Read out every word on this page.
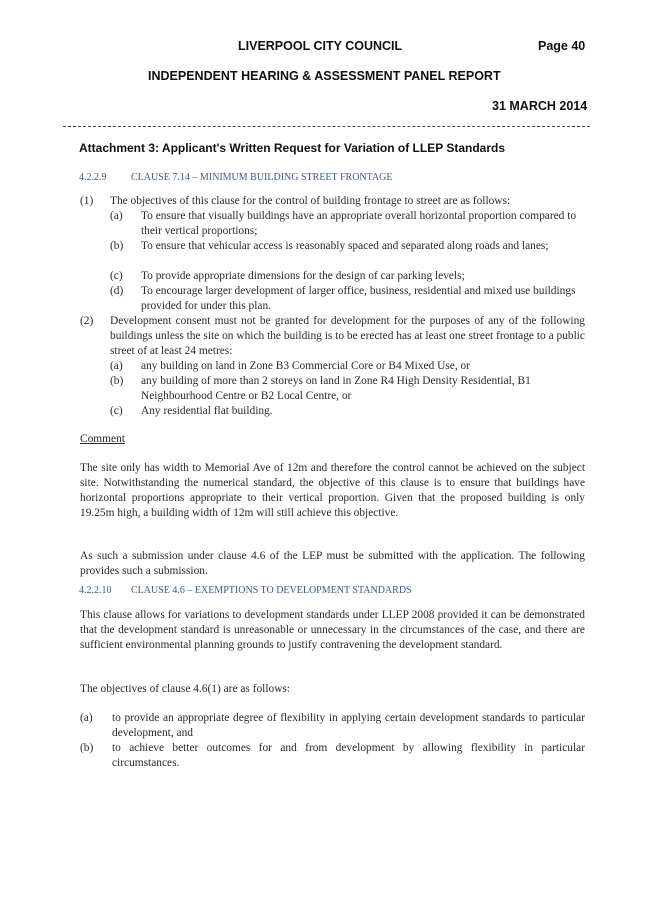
LIVERPOOL CITY COUNCIL	Page 40
INDEPENDENT HEARING & ASSESSMENT PANEL REPORT
31 MARCH 2014
Attachment 3: Applicant's Written Request for Variation of LLEP Standards
4.2.2.9 CLAUSE 7.14 – MINIMUM BUILDING STREET FRONTAGE
(1) The objectives of this clause for the control of building frontage to street are as follows:
(a) To ensure that visually buildings have an appropriate overall horizontal proportion compared to their vertical proportions;
(b) To ensure that vehicular access is reasonably spaced and separated along roads and lanes;
(c) To provide appropriate dimensions for the design of car parking levels;
(d) To encourage larger development of larger office, business, residential and mixed use buildings provided for under this plan.
(2) Development consent must not be granted for development for the purposes of any of the following buildings unless the site on which the building is to be erected has at least one street frontage to a public street of at least 24 metres:
(a) any building on land in Zone B3 Commercial Core or B4 Mixed Use, or
(b) any building of more than 2 storeys on land in Zone R4 High Density Residential, B1 Neighbourhood Centre or B2 Local Centre, or
(c) Any residential flat building.
Comment
The site only has width to Memorial Ave of 12m and therefore the control cannot be achieved on the subject site. Notwithstanding the numerical standard, the objective of this clause is to ensure that buildings have horizontal proportions appropriate to their vertical proportion. Given that the proposed building is only 19.25m high, a building width of 12m will still achieve this objective.
As such a submission under clause 4.6 of the LEP must be submitted with the application. The following provides such a submission.
4.2.2.10 CLAUSE 4.6 – EXEMPTIONS TO DEVELOPMENT STANDARDS
This clause allows for variations to development standards under LLEP 2008 provided it can be demonstrated that the development standard is unreasonable or unnecessary in the circumstances of the case, and there are sufficient environmental planning grounds to justify contravening the development standard.
The objectives of clause 4.6(1) are as follows:
(a) to provide an appropriate degree of flexibility in applying certain development standards to particular development, and
(b) to achieve better outcomes for and from development by allowing flexibility in particular circumstances.
